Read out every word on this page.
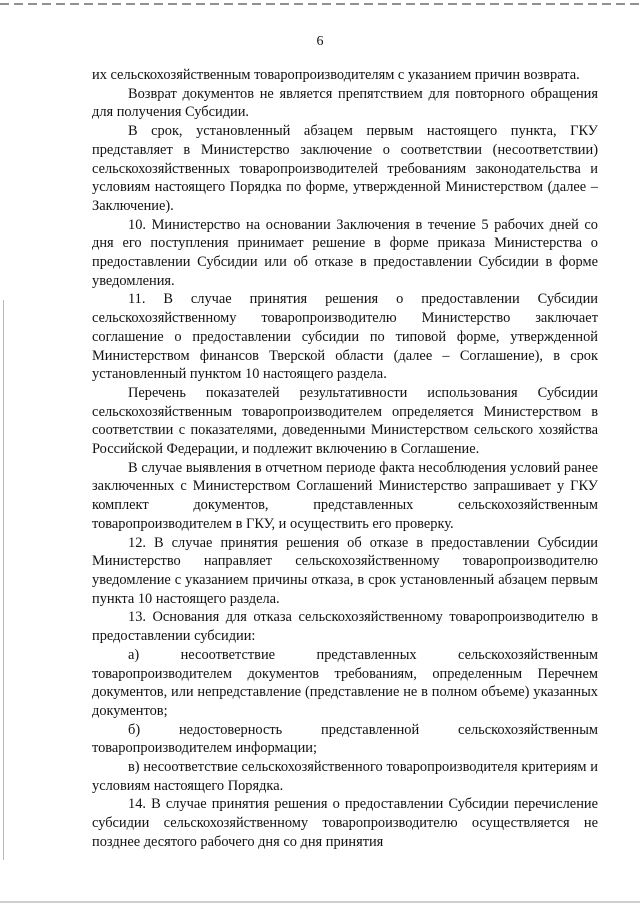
6

их сельскохозяйственным товаропроизводителям с указанием причин возврата.

Возврат документов не является препятствием для повторного обращения для получения Субсидии.

В срок, установленный абзацем первым настоящего пункта, ГКУ представляет в Министерство заключение о соответствии (несоответствии) сельскохозяйственных товаропроизводителей требованиям законодательства и условиям настоящего Порядка по форме, утвержденной Министерством (далее – Заключение).

10. Министерство на основании Заключения в течение 5 рабочих дней со дня его поступления принимает решение в форме приказа Министерства о предоставлении Субсидии или об отказе в предоставлении Субсидии в форме уведомления.

11. В случае принятия решения о предоставлении Субсидии сельскохозяйственному товаропроизводителю Министерство заключает соглашение о предоставлении субсидии по типовой форме, утвержденной Министерством финансов Тверской области (далее – Соглашение), в срок установленный пунктом 10 настоящего раздела.

Перечень показателей результативности использования Субсидии сельскохозяйственным товаропроизводителем определяется Министерством в соответствии с показателями, доведенными Министерством сельского хозяйства Российской Федерации, и подлежит включению в Соглашение.

В случае выявления в отчетном периоде факта несоблюдения условий ранее заключенных с Министерством Соглашений Министерство запрашивает у ГКУ комплект документов, представленных сельскохозяйственным товаропроизводителем в ГКУ, и осуществить его проверку.

12. В случае принятия решения об отказе в предоставлении Субсидии Министерство направляет сельскохозяйственному товаропроизводителю уведомление с указанием причины отказа, в срок установленный абзацем первым пункта 10 настоящего раздела.

13. Основания для отказа сельскохозяйственному товаропроизводителю в предоставлении субсидии:

а) несоответствие представленных сельскохозяйственным товаропроизводителем документов требованиям, определенным Перечнем документов, или непредставление (представление не в полном объеме) указанных документов;

б) недостоверность представленной сельскохозяйственным товаропроизводителем информации;

в) несоответствие сельскохозяйственного товаропроизводителя критериям и условиям настоящего Порядка.

14. В случае принятия решения о предоставлении Субсидии перечисление субсидии сельскохозяйственному товаропроизводителю осуществляется не позднее десятого рабочего дня со дня принятия
